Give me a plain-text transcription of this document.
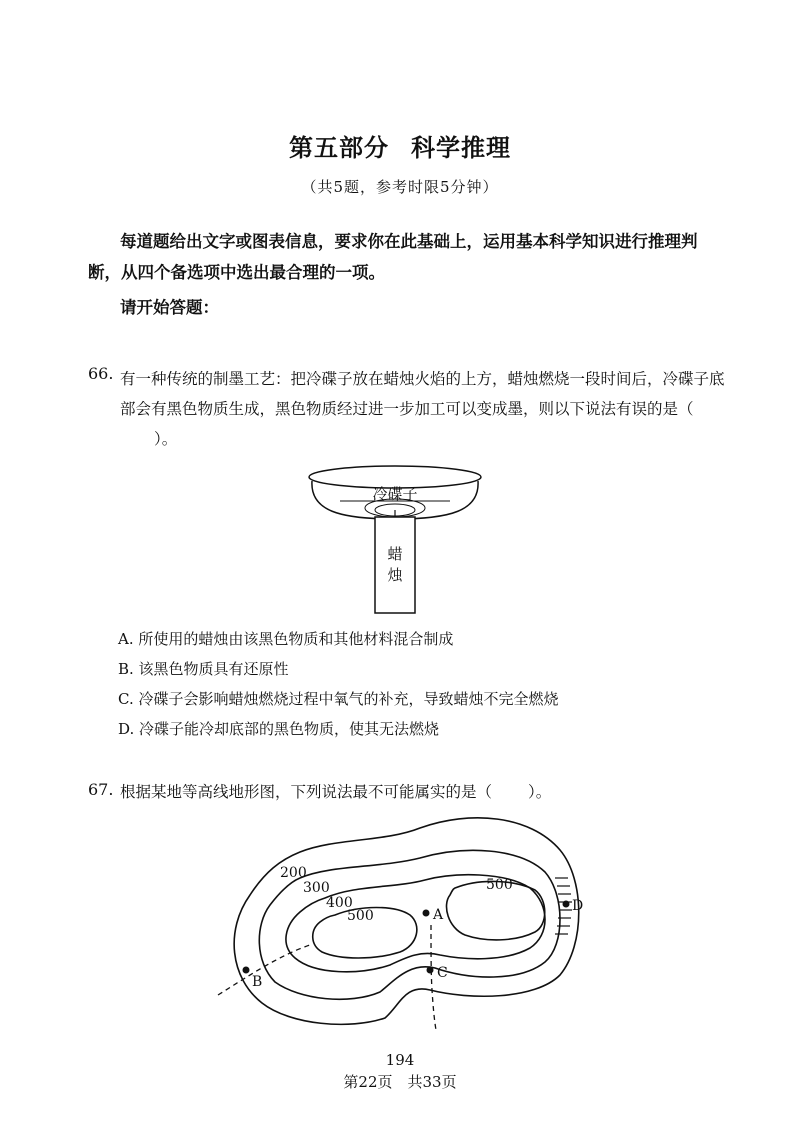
第五部分 科学推理
（共5题，参考时限5分钟）
每道题给出文字或图表信息，要求你在此基础上，运用基本科学知识进行推理判断，从四个备选项中选出最合理的一项。
请开始答题：
66. 有一种传统的制墨工艺：把冷碟子放在蜡烛火焰的上方，蜡烛燃烧一段时间后，冷碟子底部会有黑色物质生成，黑色物质经过进一步加工可以变成墨，则以下说法有误的是（）。
冷碟子
蜡
烛
A. 所使用的蜡烛由该黑色物质和其他材料混合制成
B. 该黑色物质具有还原性
C. 冷碟子会影响蜡烛燃烧过程中氧气的补充，导致蜡烛不完全燃烧
D. 冷碟子能冷却底部的黑色物质，使其无法燃烧
67. 根据某地等高线地形图，下列说法最不可能属实的是（ ）。
200
300
400
500
500
A
B
C
D
194
第22页　共33页
